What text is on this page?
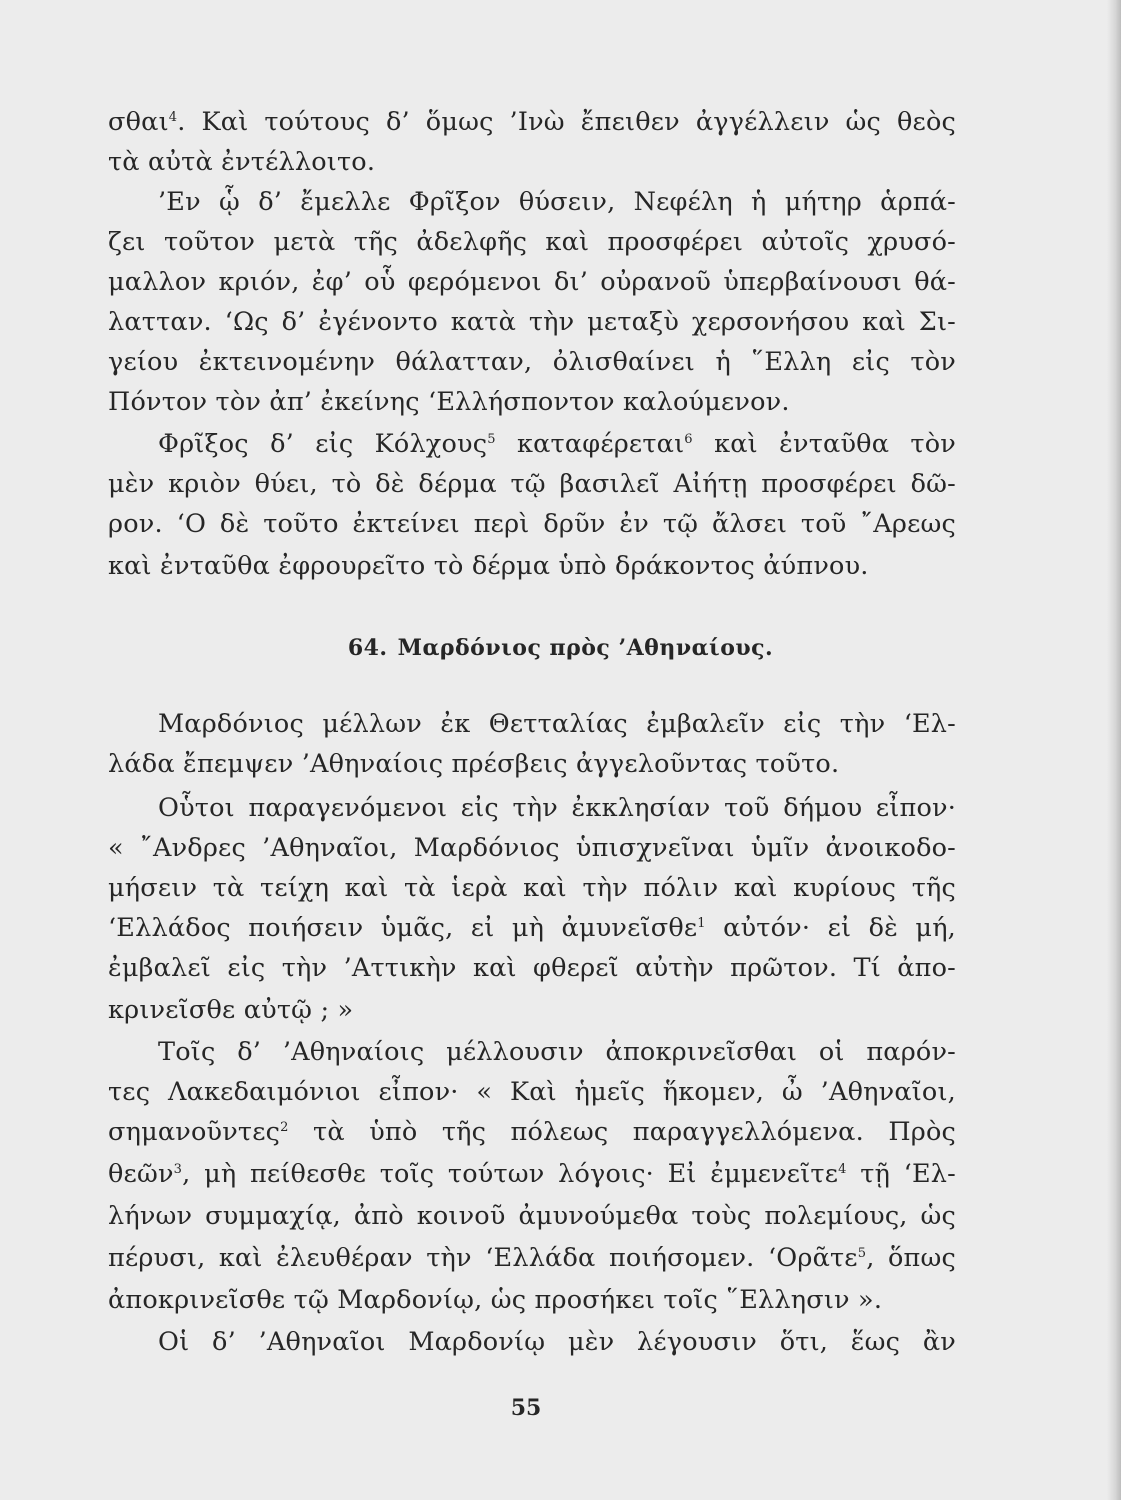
σθαι$^4$. Καὶ τούτους δ’ ὅμως ’Ινὼ ἔπειθεν ἀγγέλλειν ὡς θεὸς
τὰ αὐτὰ ἐντέλλοιτο.
’Εν ᾧ δ’ ἔμελλε Φρῖξον θύσειν, Νεφέλη ἡ μήτηρ ἁρπά-
ζει τοῦτον μετὰ τῆς ἀδελφῆς καὶ προσφέρει αὐτοῖς χρυσό-
μαλλον κριόν, ἐφ’ οὗ φερόμενοι δι’ οὐρανοῦ ὑπερβαίνουσι θά-
λατταν. ‘Ως δ’ ἐγένοντο κατὰ τὴν μεταξὺ χερσονήσου καὶ Σι-
γείου ἐκτεινομένην θάλατταν, ὀλισθαίνει ἡ ῞Ελλη εἰς τὸν
Πόντον τὸν ἀπ’ ἐκείνης ‘Ελλήσποντον καλούμενον.
Φρῖξος δ’ εἰς Κόλχους$^5$ καταφέρεται$^6$ καὶ ἐνταῦθα τὸν
μὲν κριὸν θύει, τὸ δὲ δέρμα τῷ βασιλεῖ Αἰήτῃ προσφέρει δῶ-
ρον. ‘Ο δὲ τοῦτο ἐκτείνει περὶ δρῦν ἐν τῷ ἄλσει τοῦ ῎Αρεως
καὶ ἐνταῦθα ἐφρουρεῖτο τὸ δέρμα ὑπὸ δράκοντος ἀύπνου.
64. Μαρδόνιος πρὸς ’Αθηναίους.
Μαρδόνιος μέλλων ἐκ Θετταλίας ἐμβαλεῖν εἰς τὴν ‘Ελ-
λάδα ἔπεμψεν ’Αθηναίοις πρέσβεις ἀγγελοῦντας τοῦτο.
Οὗτοι παραγενόμενοι εἰς τὴν ἐκκλησίαν τοῦ δήμου εἶπον·
« ῎Ανδρες ’Αθηναῖοι, Μαρδόνιος ὑπισχνεῖναι ὑμῖν ἀνοικοδο-
μήσειν τὰ τείχη καὶ τὰ ἱερὰ καὶ τὴν πόλιν καὶ κυρίους τῆς
‘Ελλάδος ποιήσειν ὑμᾶς, εἰ μὴ ἀμυνεῖσθε$^1$ αὐτόν· εἰ δὲ μή,
ἐμβαλεῖ εἰς τὴν ’Αττικὴν καὶ φθερεῖ αὐτὴν πρῶτον. Τί ἀπο-
κρινεῖσθε αὐτῷ ; »
Τοῖς δ’ ’Αθηναίοις μέλλουσιν ἀποκρινεῖσθαι οἱ παρόν-
τες Λακεδαιμόνιοι εἶπον· « Καὶ ἡμεῖς ἥκομεν, ὦ ’Αθηναῖοι,
σημανοῦντες$^2$ τὰ ὑπὸ τῆς πόλεως παραγγελλόμενα. Πρὸς
θεῶν$^3$, μὴ πείθεσθε τοῖς τούτων λόγοις· Εἰ ἐμμενεῖτε$^4$ τῇ ‘Ελ-
λήνων συμμαχίᾳ, ἀπὸ κοινοῦ ἀμυνούμεθα τοὺς πολεμίους, ὡς
πέρυσι, καὶ ἐλευθέραν τὴν ‘Ελλάδα ποιήσομεν. ‘Ορᾶτε$^5$, ὅπως
ἀποκρινεῖσθε τῷ Μαρδονίῳ, ὡς προσήκει τοῖς ῞Ελλησιν ».
Οἱ δ’ ’Αθηναῖοι Μαρδονίῳ μὲν λέγουσιν ὅτι, ἕως ἂν
55
